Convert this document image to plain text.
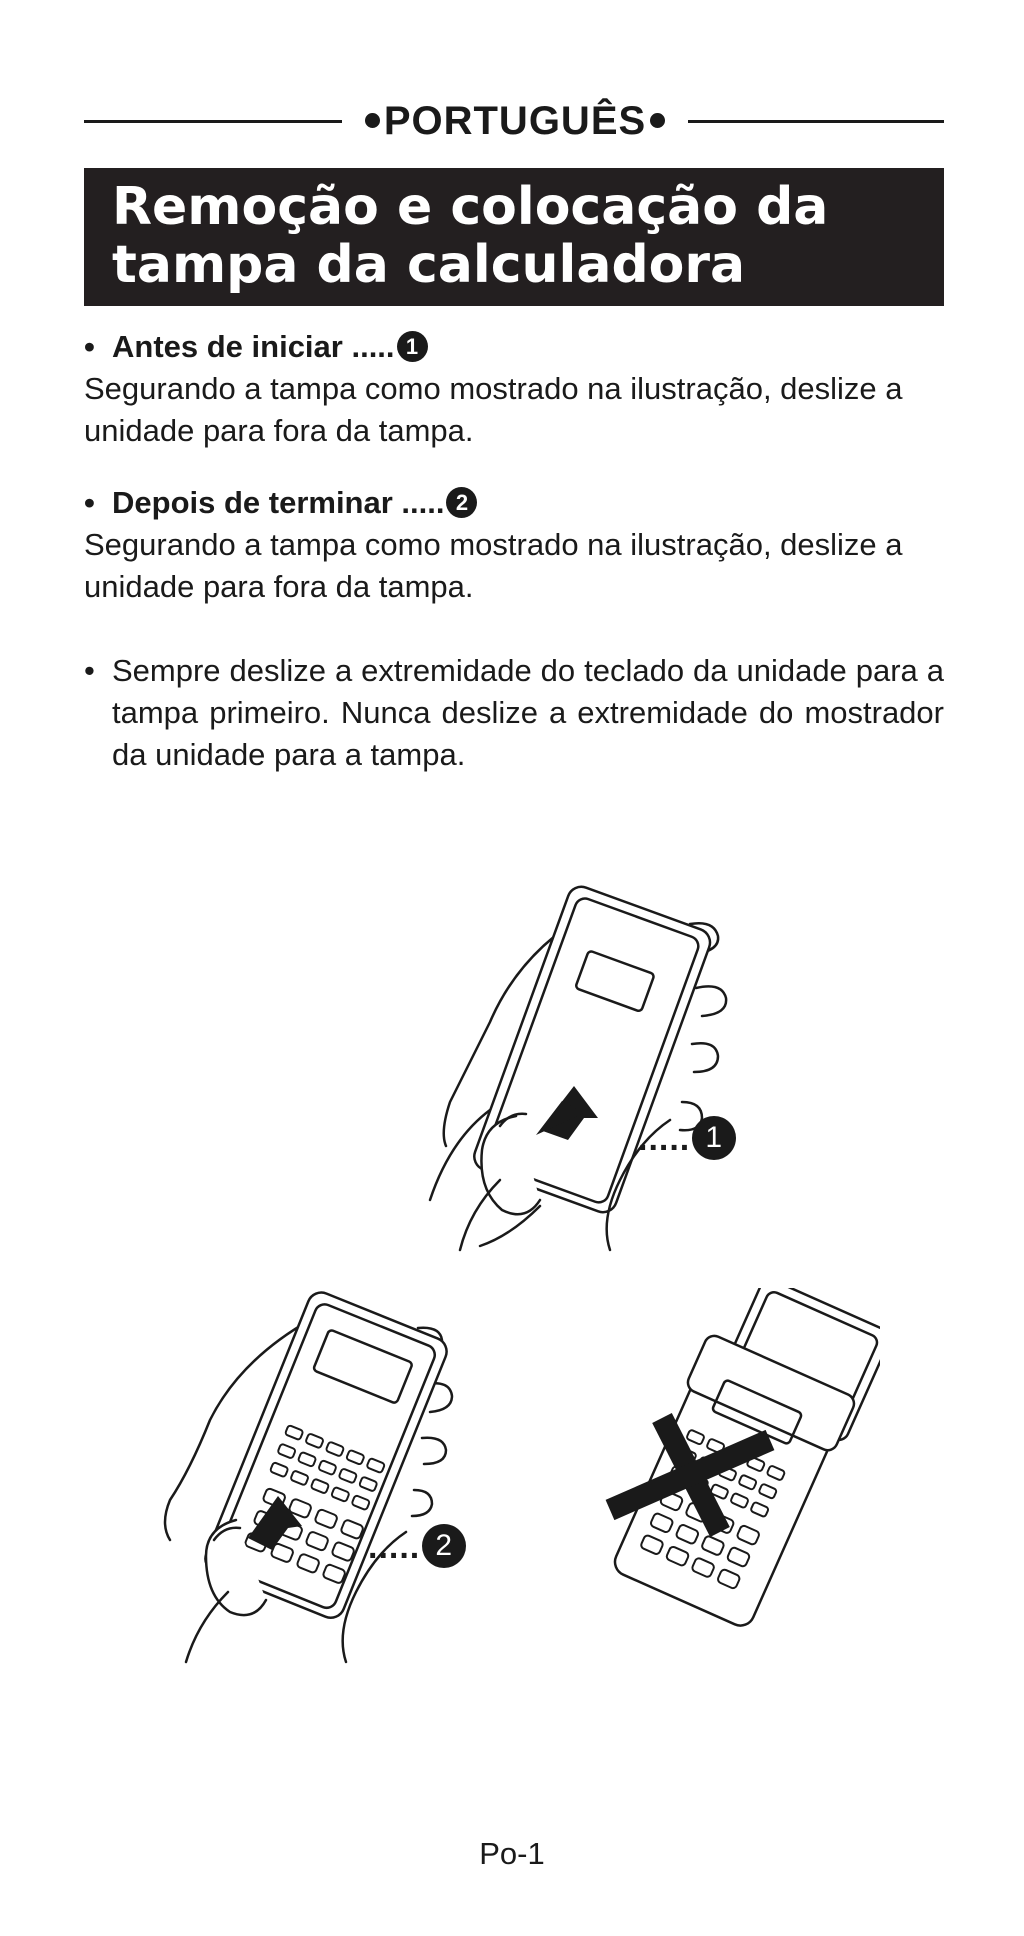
PORTUGUÊS
Remoção e colocação da tampa da calculadora
• Antes de iniciar ..... 1

Segurando a tampa como mostrado na ilustração, deslize a unidade para fora da tampa.

• Depois de terminar ..... 2

Segurando a tampa como mostrado na ilustração, deslize a unidade para fora da tampa.

• Sempre deslize a extremidade do teclado da unidade para a tampa primeiro. Nunca deslize a extremidade do mostrador da unidade para a tampa.
..... 1
..... 2
Po-1
